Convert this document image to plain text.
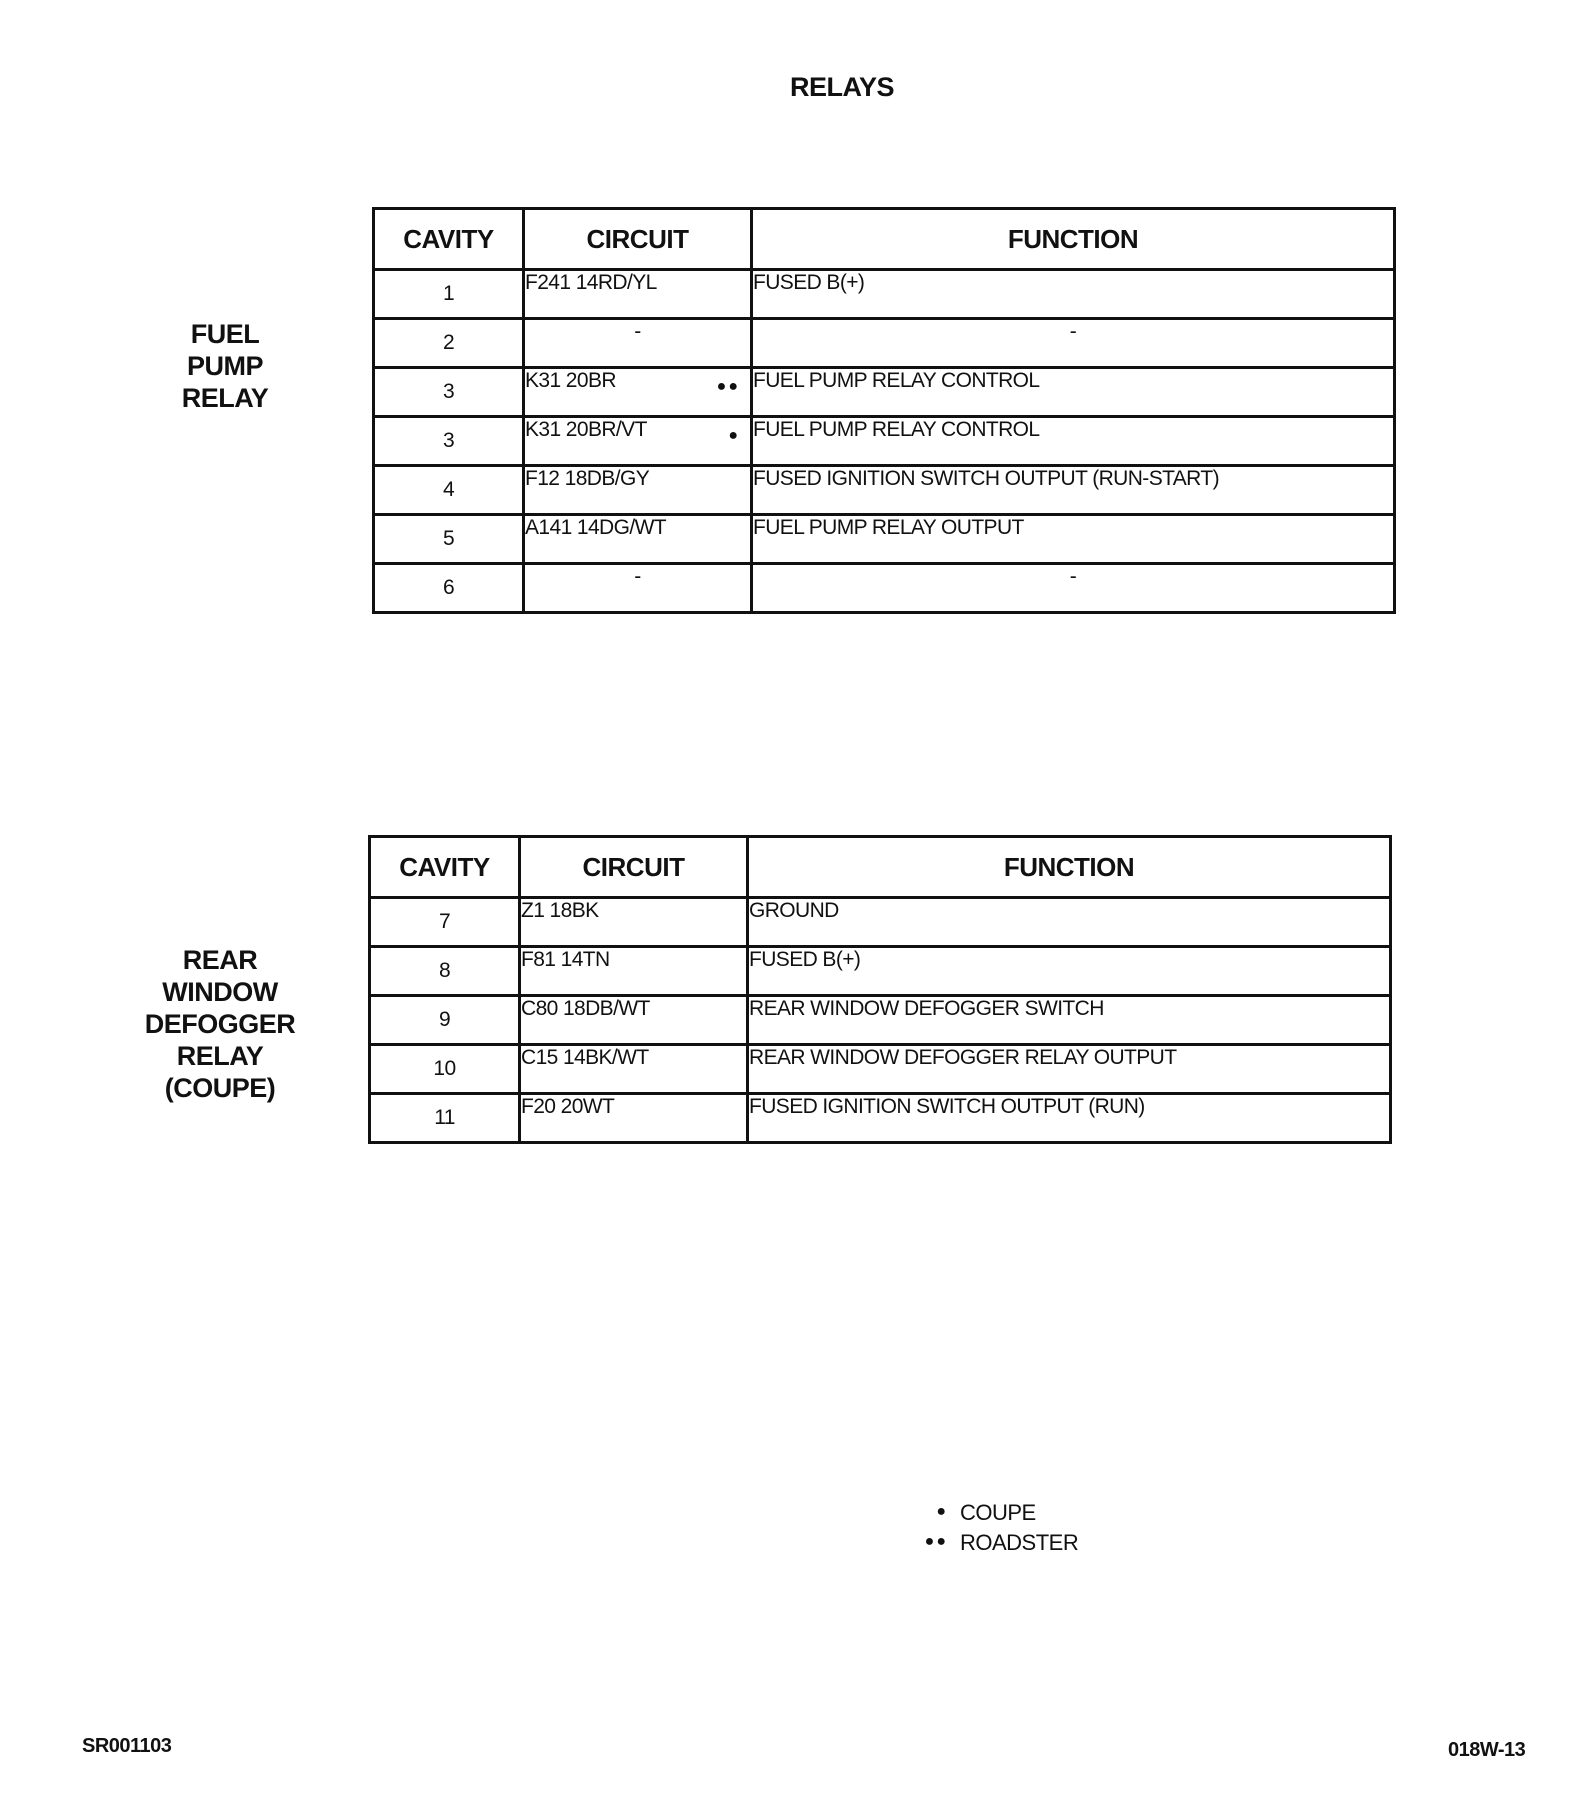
RELAYS
FUEL
PUMP
RELAY
CAVITY	CIRCUIT	FUNCTION
1	F241 14RD/YL	FUSED B(+)
2	-	-
3	K31 20BR ●●	FUEL PUMP RELAY CONTROL
3	K31 20BR/VT ●	FUEL PUMP RELAY CONTROL
4	F12 18DB/GY	FUSED IGNITION SWITCH OUTPUT (RUN-START)
5	A141 14DG/WT	FUEL PUMP RELAY OUTPUT
6	-	-
REAR
WINDOW
DEFOGGER
RELAY
(COUPE)
CAVITY	CIRCUIT	FUNCTION
7	Z1 18BK	GROUND
8	F81 14TN	FUSED B(+)
9	C80 18DB/WT	REAR WINDOW DEFOGGER SWITCH
10	C15 14BK/WT	REAR WINDOW DEFOGGER RELAY OUTPUT
11	F20 20WT	FUSED IGNITION SWITCH OUTPUT (RUN)
● COUPE
●● ROADSTER
SR001103	018W-13
